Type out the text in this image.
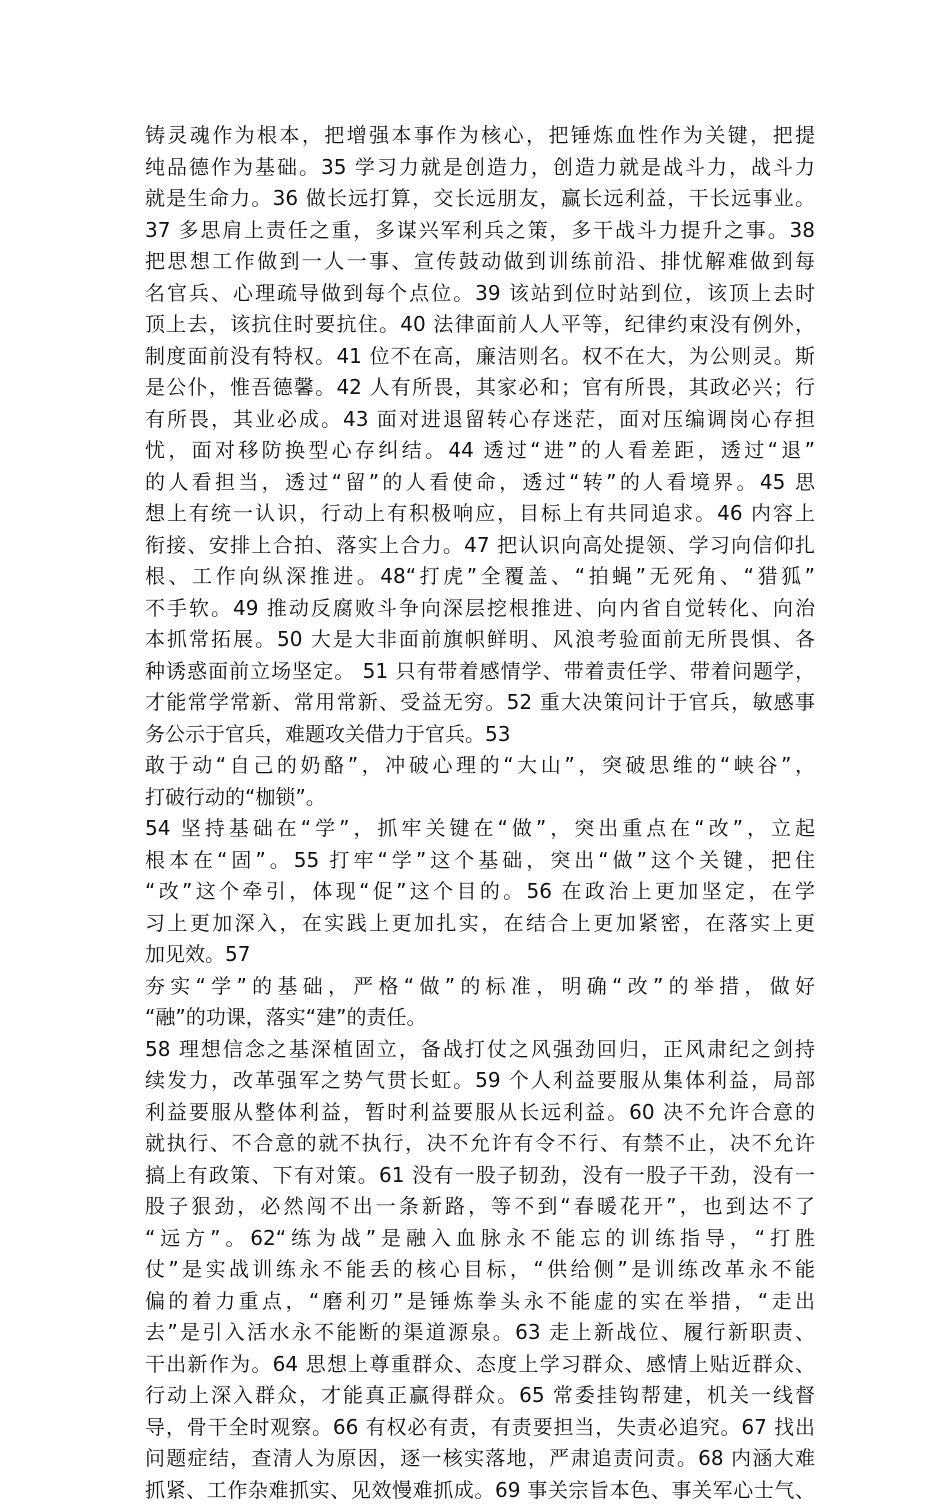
铸灵魂作为根本，把增强本事作为核心，把锤炼血性作为关键，把提
纯品德作为基础。35 学习力就是创造力，创造力就是战斗力，战斗力
就是生命力。36 做长远打算，交长远朋友，赢长远利益，干长远事业。
37 多思肩上责任之重，多谋兴军利兵之策，多干战斗力提升之事。38
把思想工作做到一人一事、宣传鼓动做到训练前沿、排忧解难做到每
名官兵、心理疏导做到每个点位。39 该站到位时站到位，该顶上去时
顶上去，该抗住时要抗住。40 法律面前人人平等，纪律约束没有例外，
制度面前没有特权。41 位不在高，廉洁则名。权不在大，为公则灵。斯
是公仆，惟吾德馨。42 人有所畏，其家必和；官有所畏，其政必兴；行
有所畏，其业必成。43 面对进退留转心存迷茫，面对压编调岗心存担
忧，面对移防换型心存纠结。44 透过“进”的人看差距，透过“退”
的人看担当，透过“留”的人看使命，透过“转”的人看境界。45 思
想上有统一认识，行动上有积极响应，目标上有共同追求。46 内容上
衔接、安排上合拍、落实上合力。47 把认识向高处提领、学习向信仰扎
根、工作向纵深推进。48“打虎”全覆盖、“拍蝇”无死角、“猎狐”
不手软。49 推动反腐败斗争向深层挖根推进、向内省自觉转化、向治
本抓常拓展。50 大是大非面前旗帜鲜明、风浪考验面前无所畏惧、各
种诱惑面前立场坚定。 51 只有带着感情学、带着责任学、带着问题学，
才能常学常新、常用常新、受益无穷。52 重大决策问计于官兵，敏感事
务公示于官兵，难题攻关借力于官兵。53
敢于动“自己的奶酪”，冲破心理的“大山”，突破思维的“峡谷”，
打破行动的“枷锁”。
54 坚持基础在“学”，抓牢关键在“做”，突出重点在“改”，立起
根本在“固”。55 打牢“学”这个基础，突出“做”这个关键，把住
“改”这个牵引，体现“促”这个目的。56 在政治上更加坚定，在学
习上更加深入，在实践上更加扎实，在结合上更加紧密，在落实上更
加见效。57
夯实“学”的基础，严格“做”的标准，明确“改”的举措，做好
“融”的功课，落实“建”的责任。
58 理想信念之基深植固立，备战打仗之风强劲回归，正风肃纪之剑持
续发力，改革强军之势气贯长虹。59 个人利益要服从集体利益，局部
利益要服从整体利益，暂时利益要服从长远利益。60 决不允许合意的
就执行、不合意的就不执行，决不允许有令不行、有禁不止，决不允许
搞上有政策、下有对策。61 没有一股子韧劲，没有一股子干劲，没有一
股子狠劲，必然闯不出一条新路，等不到“春暖花开”，也到达不了
“远方”。62“练为战”是融入血脉永不能忘的训练指导，“打胜
仗”是实战训练永不能丢的核心目标，“供给侧”是训练改革永不能
偏的着力重点，“磨利刃”是锤炼拳头永不能虚的实在举措，“走出
去”是引入活水永不能断的渠道源泉。63 走上新战位、履行新职责、
干出新作为。64 思想上尊重群众、态度上学习群众、感情上贴近群众、
行动上深入群众，才能真正赢得群众。65 常委挂钩帮建，机关一线督
导，骨干全时观察。66 有权必有责，有责要担当，失责必追究。67 找出
问题症结，查清人为原因，逐一核实落地，严肃追责问责。68 内涵大难
抓紧、工作杂难抓实、见效慢难抓成。69 事关宗旨本色、事关军心士气、
